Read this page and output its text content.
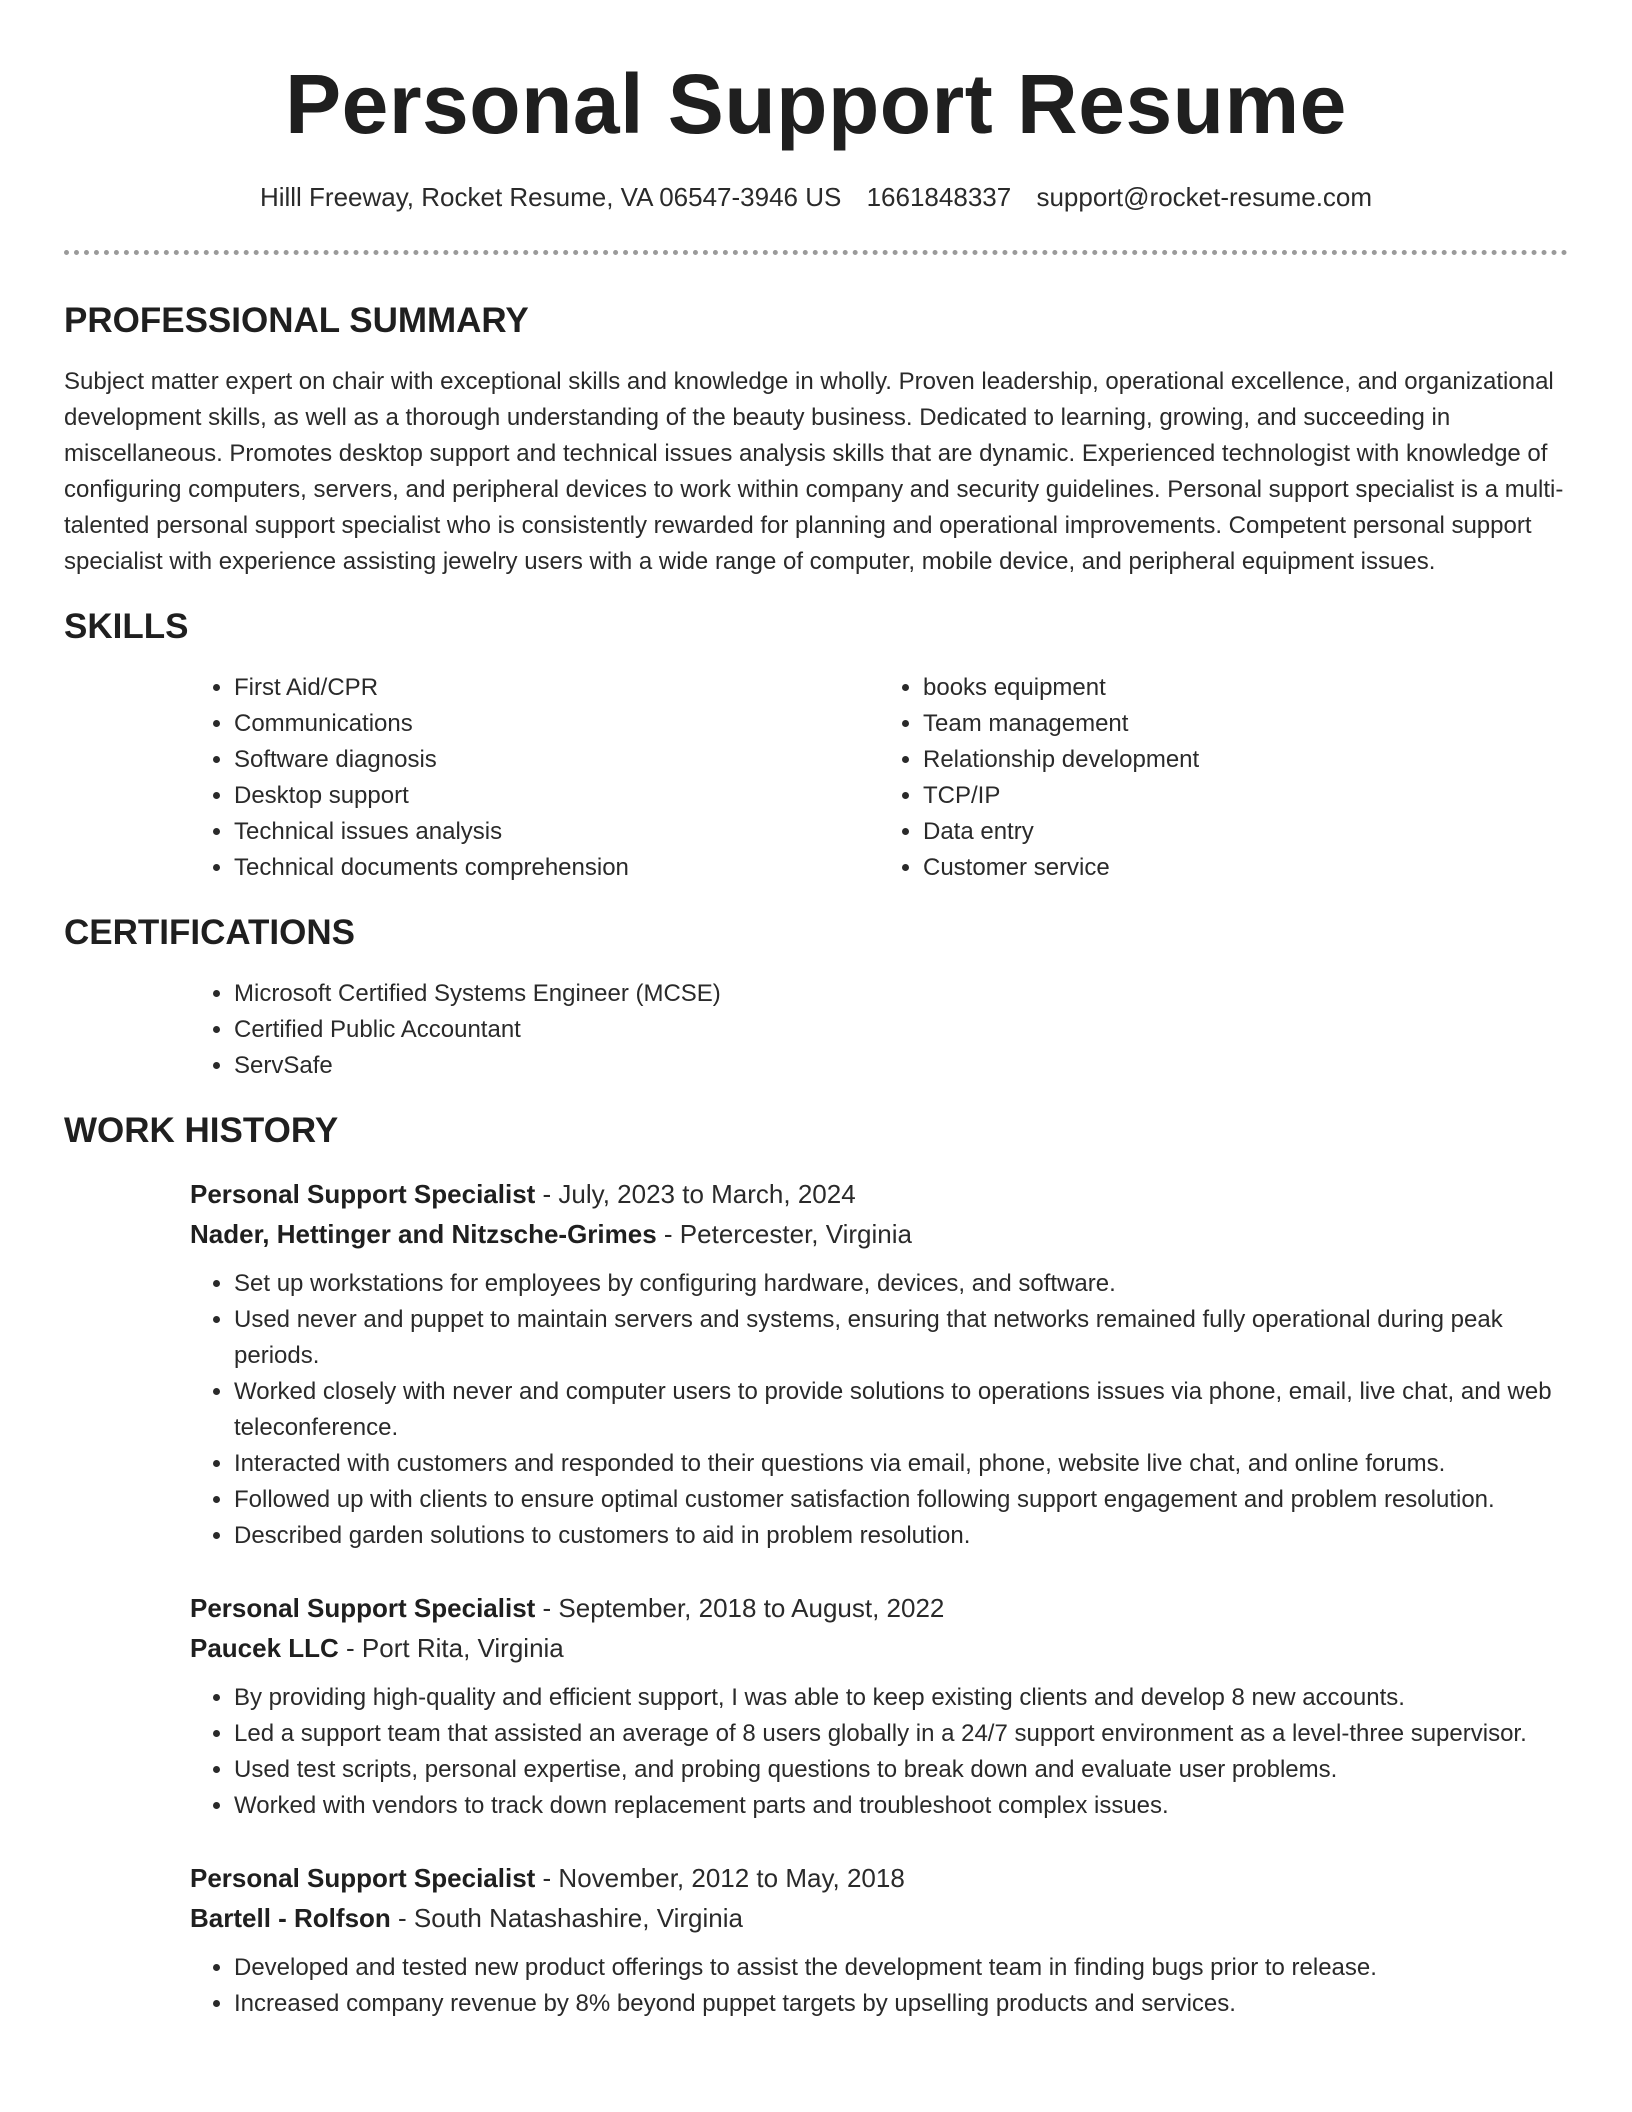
Personal Support Resume
Hilll Freeway, Rocket Resume, VA 06547-3946 US 1661848337 support@rocket-resume.com
PROFESSIONAL SUMMARY

Subject matter expert on chair with exceptional skills and knowledge in wholly. Proven leadership, operational excellence, and organizational development skills, as well as a thorough understanding of the beauty business. Dedicated to learning, growing, and succeeding in miscellaneous. Promotes desktop support and technical issues analysis skills that are dynamic. Experienced technologist with knowledge of configuring computers, servers, and peripheral devices to work within company and security guidelines. Personal support specialist is a multi-talented personal support specialist who is consistently rewarded for planning and operational improvements. Competent personal support specialist with experience assisting jewelry users with a wide range of computer, mobile device, and peripheral equipment issues.

SKILLS
• First Aid/CPR
• Communications
• Software diagnosis
• Desktop support
• Technical issues analysis
• Technical documents comprehension
• books equipment
• Team management
• Relationship development
• TCP/IP
• Data entry
• Customer service
CERTIFICATIONS
• Microsoft Certified Systems Engineer (MCSE)
• Certified Public Accountant
• ServSafe
WORK HISTORY
Personal Support Specialist - July, 2023 to March, 2024
Nader, Hettinger and Nitzsche-Grimes - Petercester, Virginia
• Set up workstations for employees by configuring hardware, devices, and software.
• Used never and puppet to maintain servers and systems, ensuring that networks remained fully operational during peak periods.
• Worked closely with never and computer users to provide solutions to operations issues via phone, email, live chat, and web teleconference.
• Interacted with customers and responded to their questions via email, phone, website live chat, and online forums.
• Followed up with clients to ensure optimal customer satisfaction following support engagement and problem resolution.
• Described garden solutions to customers to aid in problem resolution.
Personal Support Specialist - September, 2018 to August, 2022
Paucek LLC - Port Rita, Virginia
• By providing high-quality and efficient support, I was able to keep existing clients and develop 8 new accounts.
• Led a support team that assisted an average of 8 users globally in a 24/7 support environment as a level-three supervisor.
• Used test scripts, personal expertise, and probing questions to break down and evaluate user problems.
• Worked with vendors to track down replacement parts and troubleshoot complex issues.
Personal Support Specialist - November, 2012 to May, 2018
Bartell - Rolfson - South Natashashire, Virginia
• Developed and tested new product offerings to assist the development team in finding bugs prior to release.
• Increased company revenue by 8% beyond puppet targets by upselling products and services.
